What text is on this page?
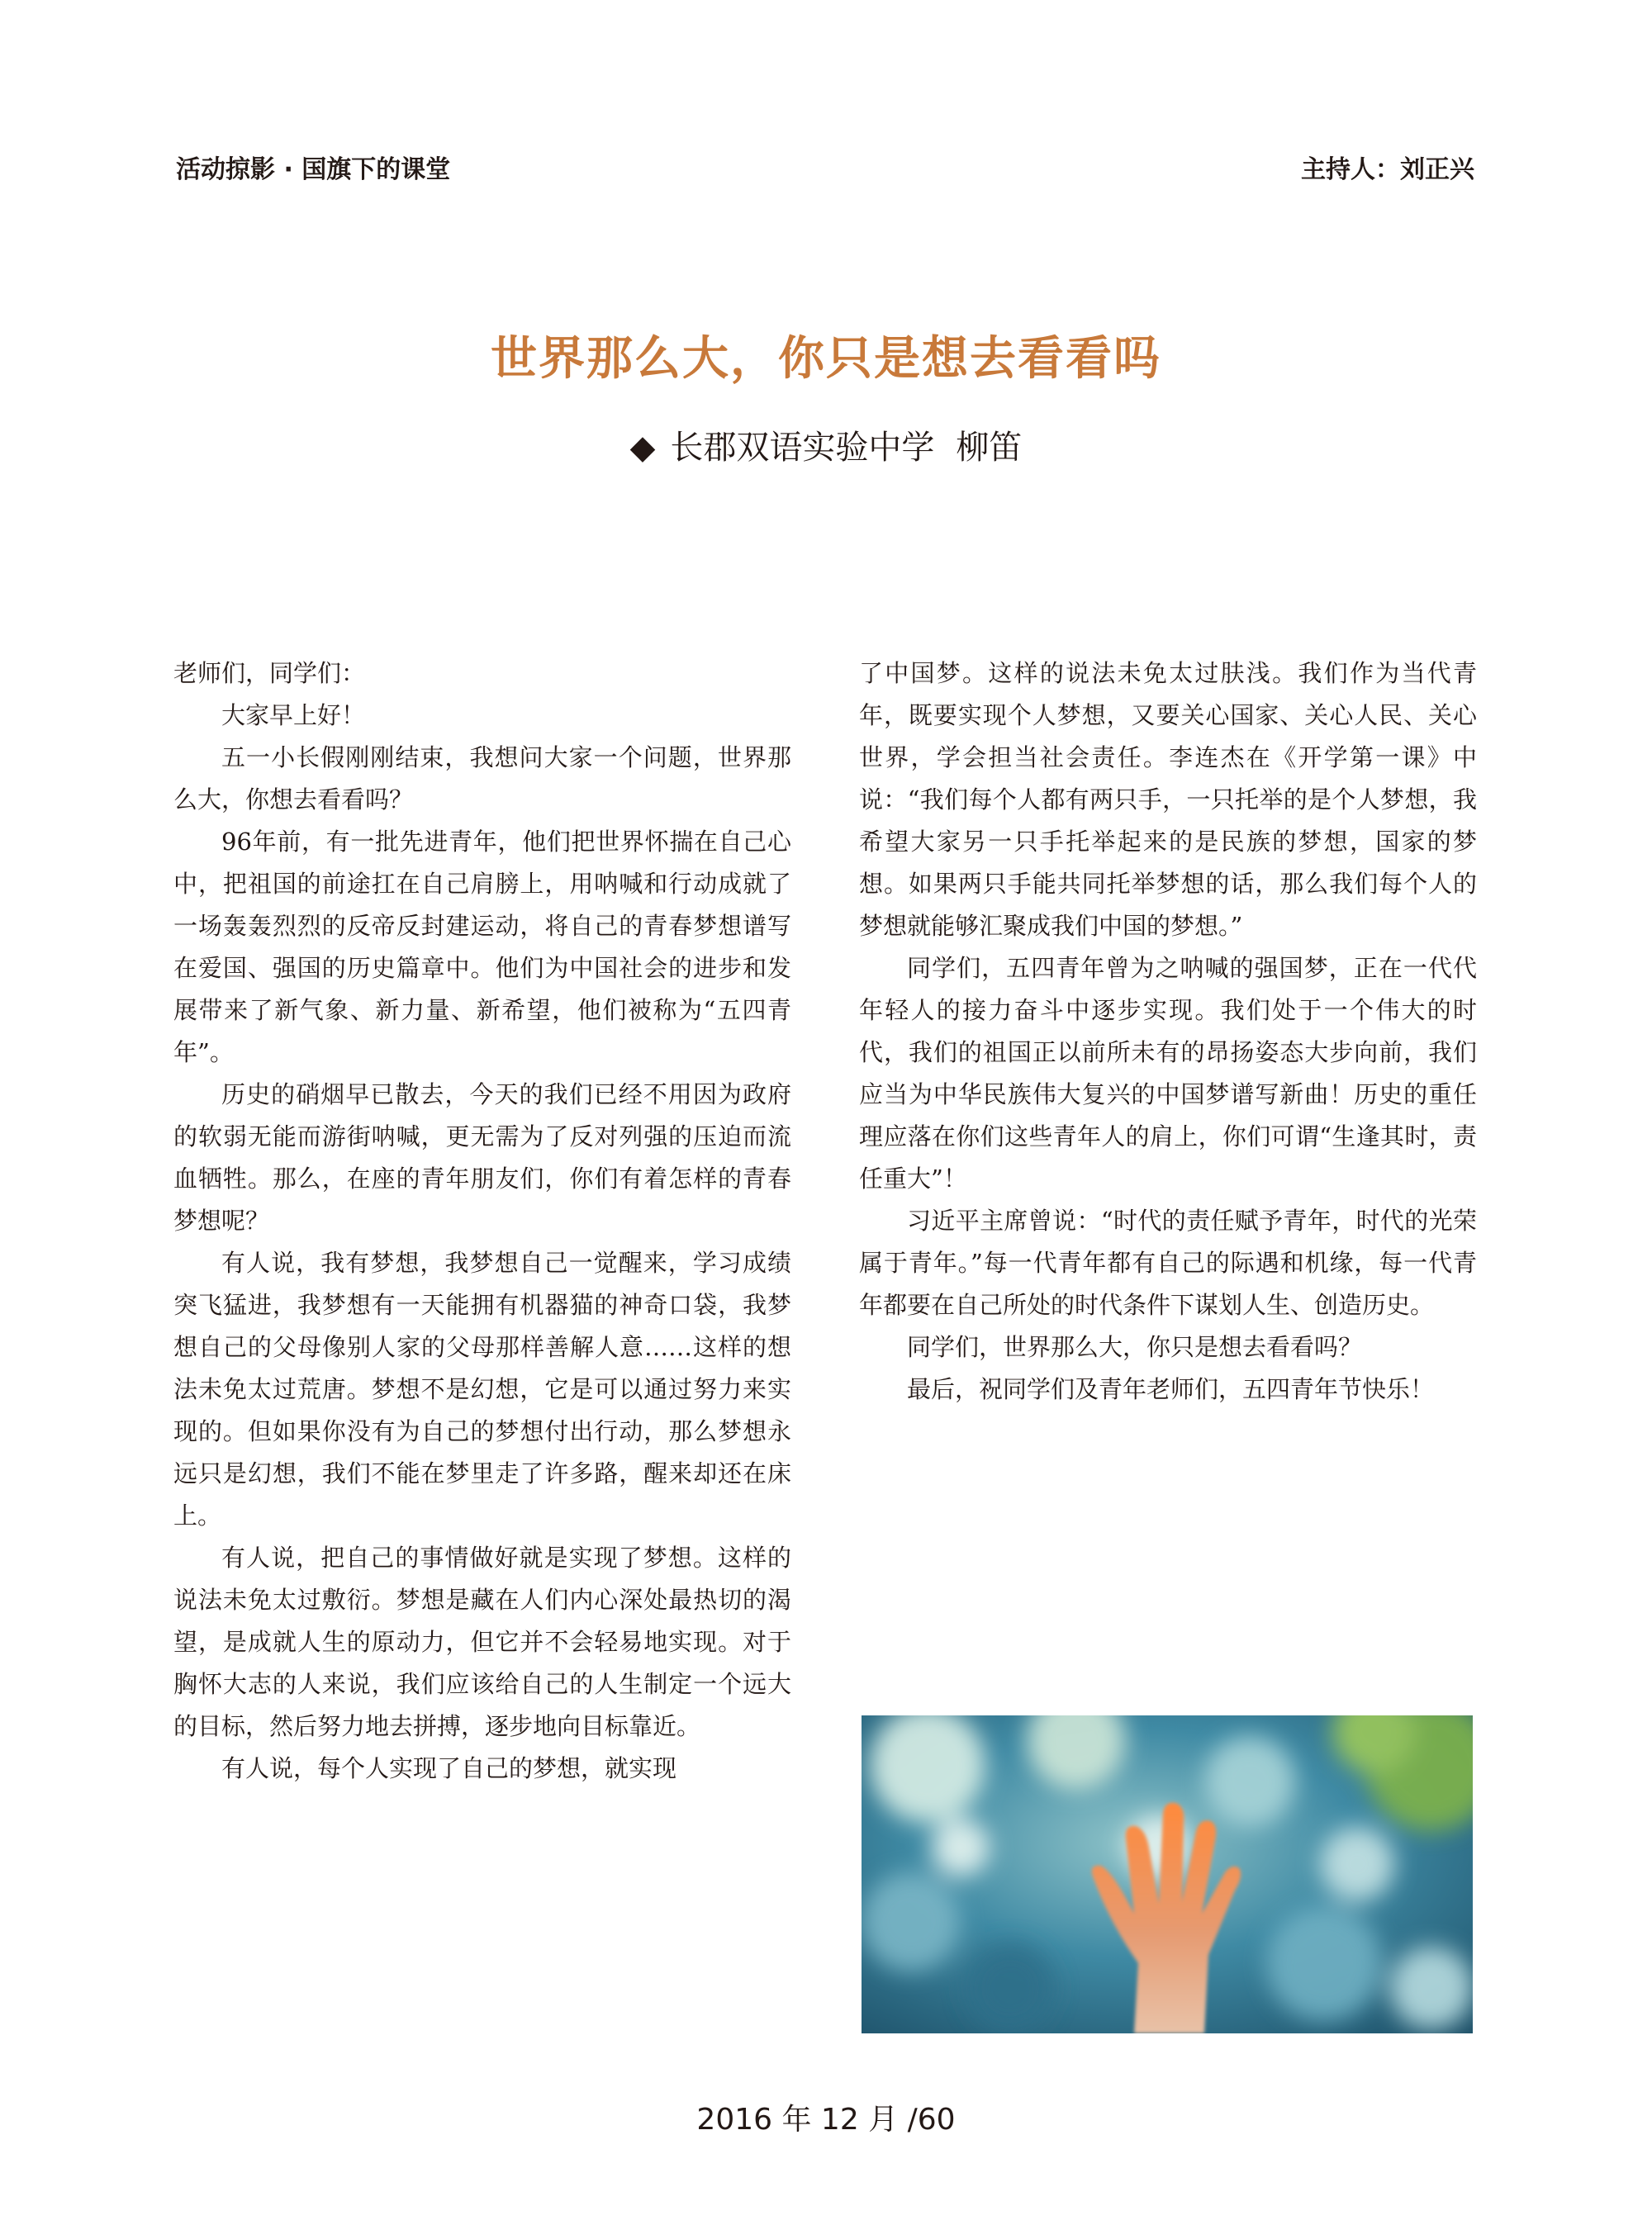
活动掠影 · 国旗下的课堂	主持人：刘正兴
世界那么大，你只是想去看看吗
◆ 长郡双语实验中学 柳笛

老师们，同学们：

大家早上好！

五一小长假刚刚结束，我想问大家一个问题，世界那么大，你想去看看吗？

96年前，有一批先进青年，他们把世界怀揣在自己心中，把祖国的前途扛在自己肩膀上，用呐喊和行动成就了一场轰轰烈烈的反帝反封建运动，将自己的青春梦想谱写在爱国、强国的历史篇章中。他们为中国社会的进步和发展带来了新气象、新力量、新希望，他们被称为“五四青年”。

历史的硝烟早已散去，今天的我们已经不用因为政府的软弱无能而游街呐喊，更无需为了反对列强的压迫而流血牺牲。那么，在座的青年朋友们，你们有着怎样的青春梦想呢？

有人说，我有梦想，我梦想自己一觉醒来，学习成绩突飞猛进，我梦想有一天能拥有机器猫的神奇口袋，我梦想自己的父母像别人家的父母那样善解人意……这样的想法未免太过荒唐。梦想不是幻想，它是可以通过努力来实现的。但如果你没有为自己的梦想付出行动，那么梦想永远只是幻想，我们不能在梦里走了许多路，醒来却还在床上。

有人说，把自己的事情做好就是实现了梦想。这样的说法未免太过敷衍。梦想是藏在人们内心深处最热切的渴望，是成就人生的原动力，但它并不会轻易地实现。对于胸怀大志的人来说，我们应该给自己的人生制定一个远大的目标，然后努力地去拼搏，逐步地向目标靠近。

有人说，每个人实现了自己的梦想，就实现

了中国梦。这样的说法未免太过肤浅。我们作为当代青年，既要实现个人梦想，又要关心国家、关心人民、关心世界，学会担当社会责任。李连杰在《开学第一课》中说：“我们每个人都有两只手，一只托举的是个人梦想，我希望大家另一只手托举起来的是民族的梦想，国家的梦想。如果两只手能共同托举梦想的话，那么我们每个人的梦想就能够汇聚成我们中国的梦想。”

同学们，五四青年曾为之呐喊的强国梦，正在一代代年轻人的接力奋斗中逐步实现。我们处于一个伟大的时代，我们的祖国正以前所未有的昂扬姿态大步向前，我们应当为中华民族伟大复兴的中国梦谱写新曲！历史的重任理应落在你们这些青年人的肩上，你们可谓“生逢其时，责任重大”！

习近平主席曾说：“时代的责任赋予青年，时代的光荣属于青年。”每一代青年都有自己的际遇和机缘，每一代青年都要在自己所处的时代条件下谋划人生、创造历史。

同学们，世界那么大，你只是想去看看吗？

最后，祝同学们及青年老师们，五四青年节快乐！

2016 年 12 月 /60
